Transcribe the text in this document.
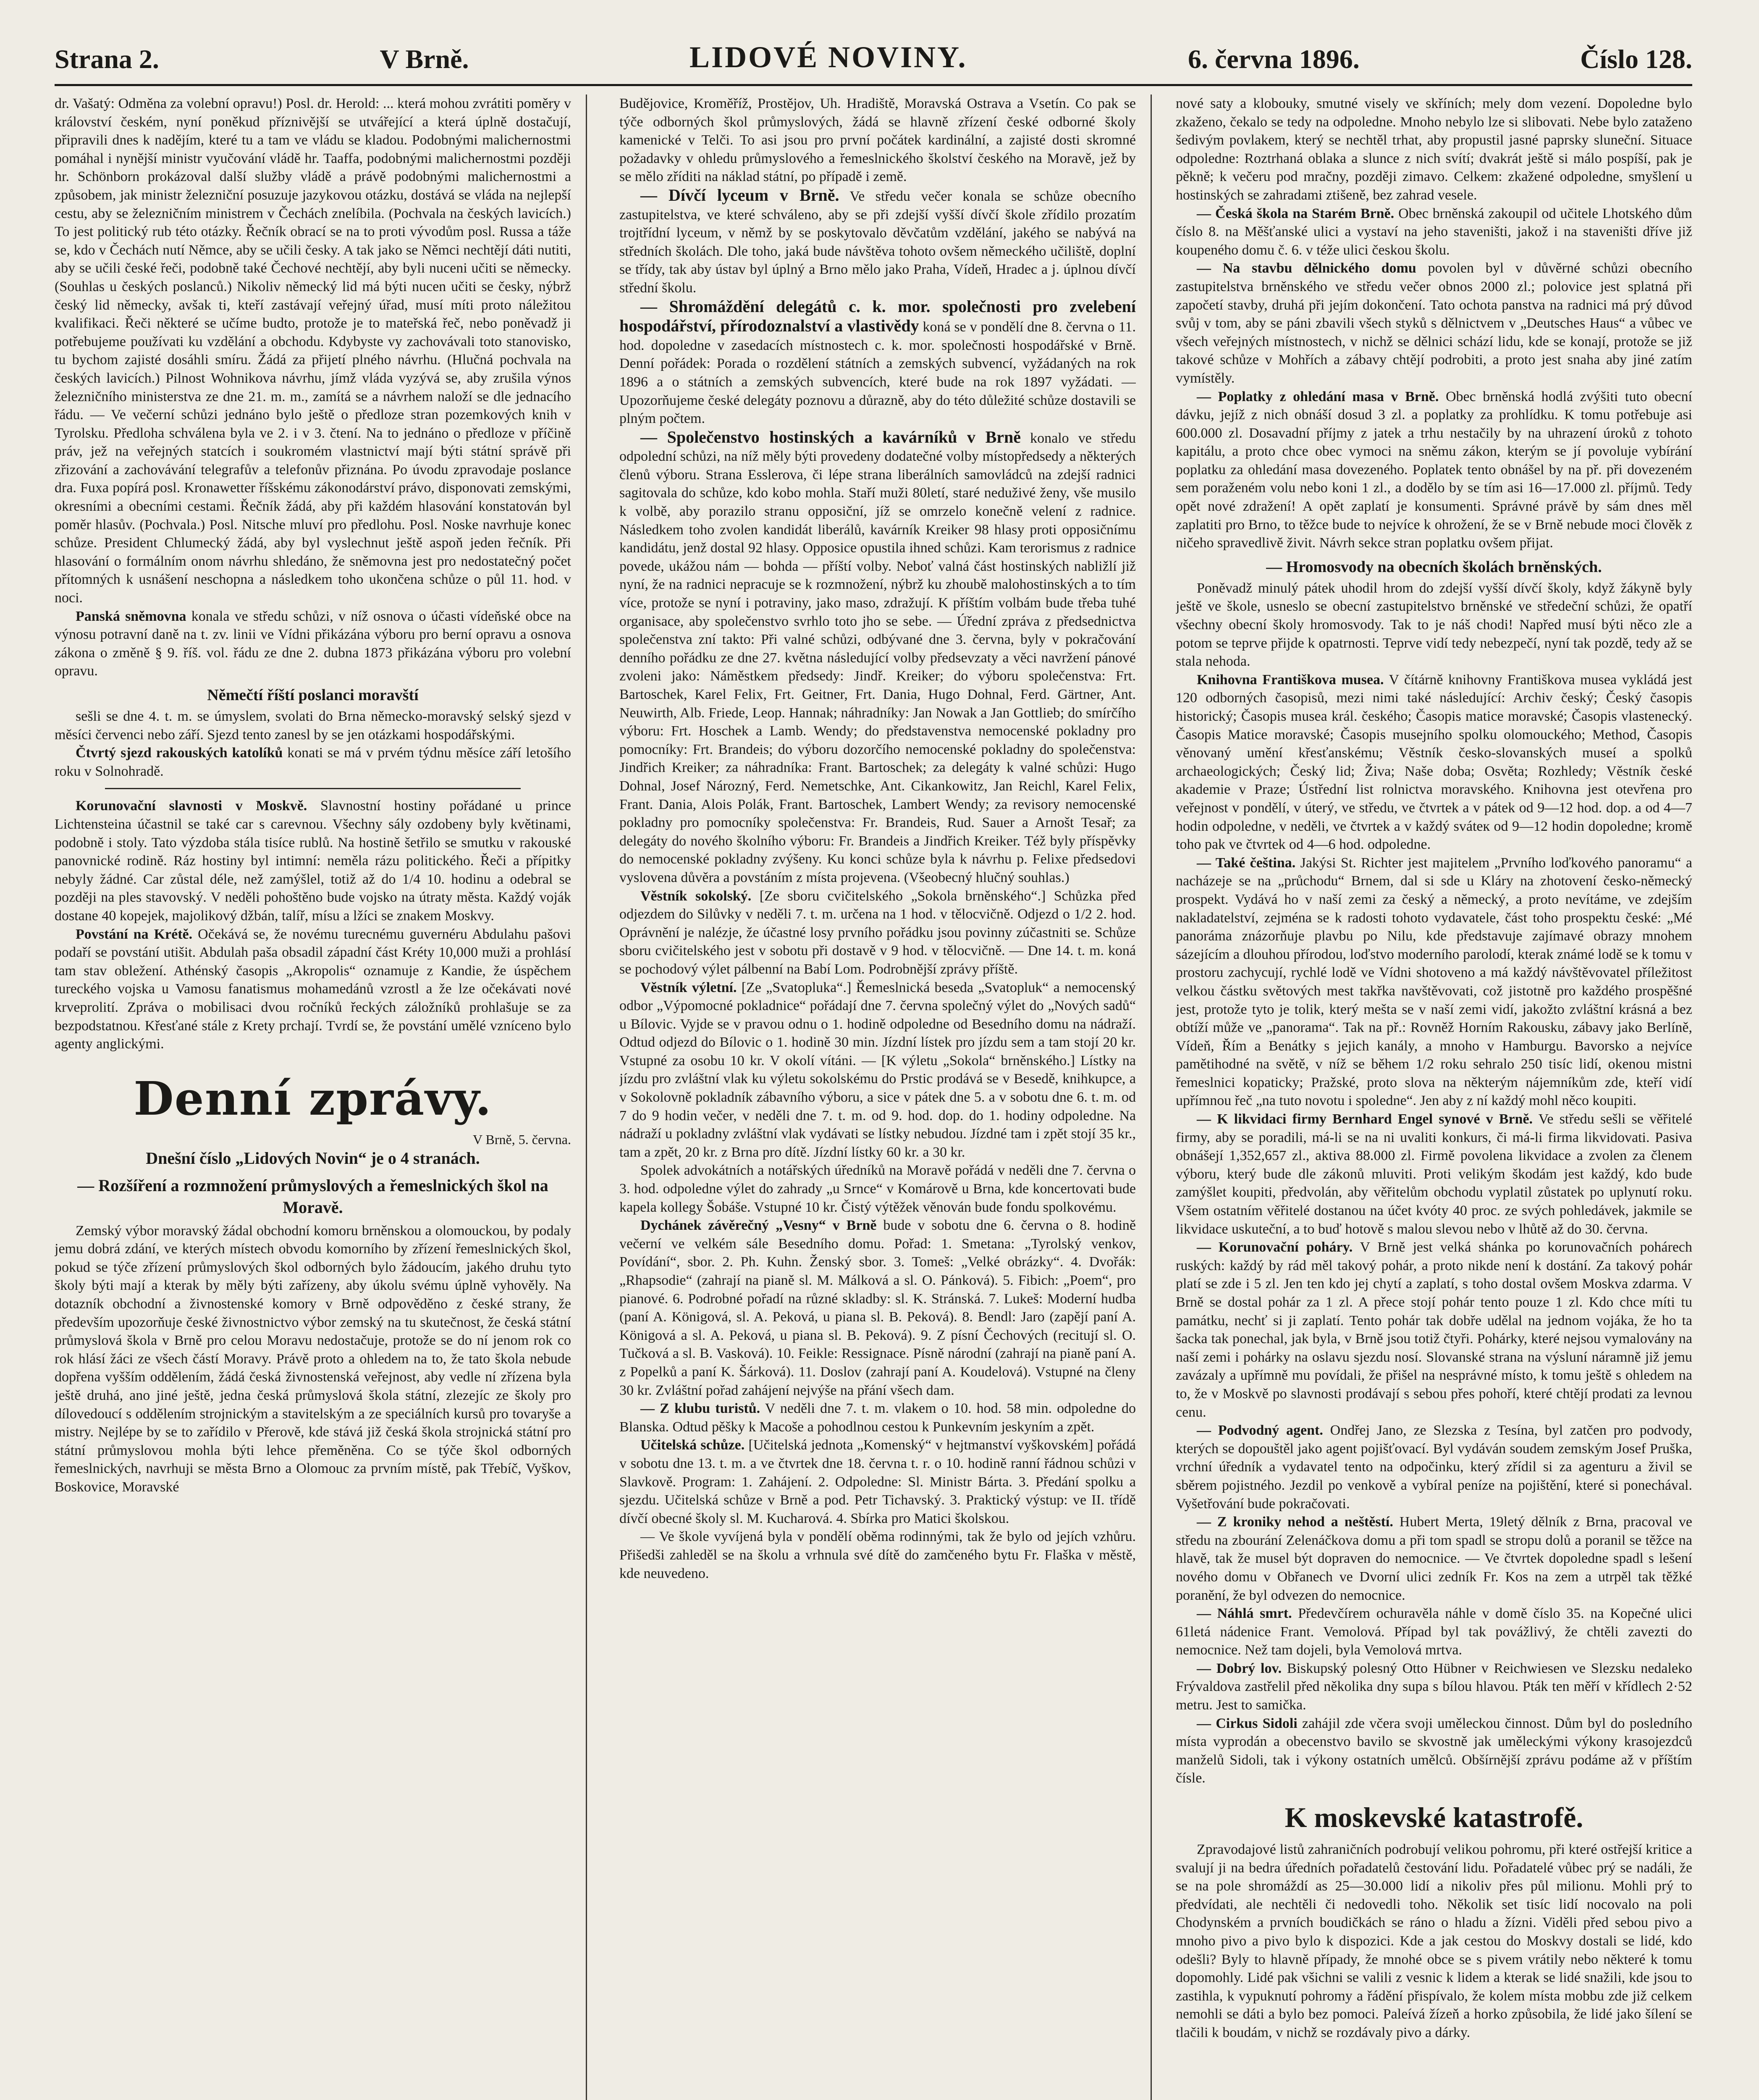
Strana 2.	V Brně.	LIDOVÉ NOVINY.	6. června 1896.	Číslo 128.

dr. Vašatý: Odměna za volební opravu!) Posl. dr. Herold: ... která mohou zvrátiti poměry v království českém, nyní poněkud příznivější se utvářející a která úplně dostačují, připravili dnes k nadějím, které tu a tam ve vládu se kladou. Podobnými malichernostmi pomáhal i nynější ministr vyučování vládě hr. Taaffa, podobnými malichernostmi později hr. Schönborn prokázoval další služby vládě a právě podobnými malichernostmi a způsobem, jak ministr železniční posuzuje jazykovou otázku, dostává se vláda na nejlepší cestu, aby se železničním ministrem v Čechách znelíbila. (Pochvala na českých lavicích.) To jest politický rub této otázky. Řečník obrací se na to proti vývodům posl. Russa a táže se, kdo v Čechách nutí Němce, aby se učili česky. A tak jako se Němci nechtějí dáti nutiti, aby se učili české řeči, podobně také Čechové nechtějí, aby byli nuceni učiti se německy. (Souhlas u českých poslanců.) Nikoliv německý lid má býti nucen učiti se česky, nýbrž český lid německy, avšak ti, kteří zastávají veřejný úřad, musí míti proto náležitou kvalifikaci. Řeči některé se učíme budto, protože je to mateřská řeč, nebo poněvadž ji potřebujeme používati ku vzdělání a obchodu. Kdybyste vy zachovávali toto stanovisko, tu bychom zajisté dosáhli smíru. Žádá za přijetí plného návrhu. (Hlučná pochvala na českých lavicích.) Pilnost Wohnikova návrhu, jímž vláda vyzývá se, aby zrušila výnos železničního ministerstva ze dne 21. m. m., zamítá se a návrhem naloží se dle jednacího řádu. — Ve večerní schůzi jednáno bylo ještě o předloze stran pozemkových knih v Tyrolsku. Předloha schválena byla ve 2. i v 3. čtení. Na to jednáno o předloze v příčině práv, jež na veřejných statcích i soukromém vlastnictví mají býti státní správě při zřizování a zachovávání telegrafův a telefonův přiznána. Po úvodu zpravodaje poslance dra. Fuxa popírá posl. Kronawetter říšskému zákonodárství právo, disponovati zemskými, okresními a obecními cestami. Řečník žádá, aby při každém hlasování konstatován byl poměr hlasův. (Pochvala.) Posl. Nitsche mluví pro předlohu. Posl. Noske navrhuje konec schůze. President Chlumecký žádá, aby byl vyslechnut ještě aspoň jeden řečník. Při hlasování o formálním onom návrhu shledáno, že sněmovna jest pro nedostatečný počet přítomných k usnášení neschopna a následkem toho ukončena schůze o půl 11. hod. v noci.

Panská sněmovna konala ve středu schůzi, v níž osnova o účasti vídeňské obce na výnosu potravní daně na t. zv. linii ve Vídni přikázána výboru pro berní opravu a osnova zákona o změně § 9. říš. vol. řádu ze dne 2. dubna 1873 přikázána výboru pro volební opravu.

Němečtí říští poslanci moravští

sešli se dne 4. t. m. se úmyslem, svolati do Brna německo-moravský selský sjezd v měsíci červenci nebo září. Sjezd tento zanesl by se jen otázkami hospodářskými.

Čtvrtý sjezd rakouských katolíků konati se má v prvém týdnu měsíce září letošího roku v Solnohradě.

Korunovační slavnosti v Moskvě. Slavnostní hostiny pořádané u prince Lichtensteina účastnil se také car s carevnou. Všechny sály ozdobeny byly květinami, podobně i stoly. Tato výzdoba stála tisíce rublů. Na hostině šetřilo se smutku v rakouské panovnické rodině. Ráz hostiny byl intimní: neměla rázu politického. Řeči a přípitky nebyly žádné. Car zůstal déle, než zamýšlel, totiž až do 1/4 10. hodinu a odebral se později na ples stavovský. V neděli pohoštěno bude vojsko na útraty města. Každý voják dostane 40 kopejek, majolikový džbán, talíř, mísu a lžíci se znakem Moskvy.

Povstání na Krétě. Očekává se, že novému turecnému guvernéru Abdulahu pašovi podaří se povstání utišit. Abdulah paša obsadil západní část Kréty 10,000 muži a prohlásí tam stav obležení. Athénský časopis „Akropolis“ oznamuje z Kandie, že úspěchem tureckého vojska u Vamosu fanatismus mohamedánů vzrostl a že lze očekávati nové krveprolití. Zpráva o mobilisaci dvou ročníků řeckých záložníků prohlašuje se za bezpodstatnou. Křesťané stále z Krety prchají. Tvrdí se, že povstání umělé vzníceno bylo agenty anglickými.

Denní zprávy.
V Brně, 5. června.
Dnešní číslo „Lidových Novin“ je o 4 stranách.
— Rozšíření a rozmnožení průmyslových a řemeslnických škol na Moravě.

Zemský výbor moravský žádal obchodní komoru brněnskou a olomouckou, by podaly jemu dobrá zdání, ve kterých místech obvodu komorního by zřízení řemeslnických škol, pokud se týče zřízení průmyslových škol odborných bylo žádoucím, jakého druhu tyto školy býti mají a kterak by měly býti zařízeny, aby úkolu svému úplně vyhověly. Na dotazník obchodní a živnostenské komory v Brně odpověděno z české strany, že především upozorňuje české živnostnictvo výbor zemský na tu skutečnost, že česká státní průmyslová škola v Brně pro celou Moravu nedostačuje, protože se do ní jenom rok co rok hlásí žáci ze všech částí Moravy. Právě proto a ohledem na to, že tato škola nebude dopřena vyšším oddělením, žádá česká živnostenská veřejnost, aby vedle ní zřízena byla ještě druhá, ano jiné ještě, jedna česká průmyslová škola státní, zlezejíc ze školy pro dílovedoucí s oddělením strojnickým a stavitelským a ze speciálních kursů pro tovaryše a mistry. Nejlépe by se to zařídilo v Přerově, kde stává již česká škola strojnická státní pro státní průmyslovou mohla býti lehce přeměněna. Co se týče škol odborných řemeslnických, navrhuji se města Brno a Olomouc za prvním místě, pak Třebíč, Vyškov, Boskovice, Moravské

Budějovice, Kroměříž, Prostějov, Uh. Hradiště, Moravská Ostrava a Vsetín. Co pak se týče odborných škol průmyslových, žádá se hlavně zřízení české odborné školy kamenické v Telči. To asi jsou pro první počátek kardinální, a zajisté dosti skromné požadavky v ohledu průmyslového a řemeslnického školství českého na Moravě, jež by se mělo zříditi na náklad státní, po případě i země.

— Dívčí lyceum v Brně. Ve středu večer konala se schůze obecního zastupitelstva, ve které schváleno, aby se při zdejší vyšší dívčí škole zřídilo prozatím trojtřídní lyceum, v němž by se poskytovalo děvčatům vzdělání, jakého se nabývá na středních školách. Dle toho, jaká bude návštěva tohoto ovšem německého učiliště, doplní se třídy, tak aby ústav byl úplný a Brno mělo jako Praha, Vídeň, Hradec a j. úplnou dívčí střední školu.

— Shromáždění delegátů c. k. mor. společnosti pro zvelebení hospodářství, přírodoznalství a vlastivědy koná se v pondělí dne 8. června o 11. hod. dopoledne v zasedacích místnostech c. k. mor. společnosti hospodářské v Brně. Denní pořádek: Porada o rozdělení státních a zemských subvencí, vyžádaných na rok 1896 a o státních a zemských subvencích, které bude na rok 1897 vyžádati. — Upozorňujeme české delegáty poznovu a důrazně, aby do této důležité schůze dostavili se plným počtem.

— Společenstvo hostinských a kavárníků v Brně konalo ve středu odpolední schůzi, na níž měly býti provedeny dodatečné volby místopředsedy a některých členů výboru. Strana Esslerova, či lépe strana liberálních samovládců na zdejší radnici sagitovala do schůze, kdo kobo mohla. Staří muži 80letí, staré neduživé ženy, vše musilo k volbě, aby porazilo stranu opposiční, jíž se omrzelo konečně velení z radnice. Následkem toho zvolen kandidát liberálů, kavárník Kreiker 98 hlasy proti opposičnímu kandidátu, jenž dostal 92 hlasy. Opposice opustila ihned schůzi. Kam terorismus z radnice povede, ukážou nám — bohda — příští volby. Neboť valná část hostinských nabližlí již nyní, že na radnici nepracuje se k rozmnožení, nýbrž ku zhoubě malohostinských a to tím více, protože se nyní i potraviny, jako maso, zdražují. K příštím volbám bude třeba tuhé organisace, aby společenstvo svrhlo toto jho se sebe. — Úřední zpráva z předsednictva společenstva zní takto: Při valné schůzi, odbývané dne 3. června, byly v pokračování denního pořádku ze dne 27. května následující volby předsevzaty a věci navržení pánové zvoleni jako: Náměstkem předsedy: Jindř. Kreiker; do výboru společenstva: Frt. Bartoschek, Karel Felix, Frt. Geitner, Frt. Dania, Hugo Dohnal, Ferd. Gärtner, Ant. Neuwirth, Alb. Friede, Leop. Hannak; náhradníky: Jan Nowak a Jan Gottlieb; do smírčího výboru: Frt. Hoschek a Lamb. Wendy; do představenstva nemocenské pokladny pro pomocníky: Frt. Brandeis; do výboru dozorčího nemocenské pokladny do společenstva: Jindřich Kreiker; za náhradníka: Frant. Bartoschek; za delegáty k valné schůzi: Hugo Dohnal, Josef Nározný, Ferd. Nemetschke, Ant. Cikankowitz, Jan Reichl, Karel Felix, Frant. Dania, Alois Polák, Frant. Bartoschek, Lambert Wendy; za revisory nemocenské pokladny pro pomocníky společenstva: Fr. Brandeis, Rud. Sauer a Arnošt Tesař; za delegáty do nového školního výboru: Fr. Brandeis a Jindřich Kreiker. Též byly příspěvky do nemocenské pokladny zvýšeny. Ku konci schůze byla k návrhu p. Felixe předsedovi vyslovena důvěra a povstáním z místa projevena. (Všeobecný hlučný souhlas.)

Věstník sokolský. [Ze sboru cvičitelského „Sokola brněnského“.] Schůzka před odjezdem do Silůvky v neděli 7. t. m. určena na 1 hod. v tělocvičně. Odjezd o 1/2 2. hod. Oprávnění je nalézje, že účastné losy prvního pořádku jsou povinny zúčastniti se. Schůze sboru cvičitelského jest v sobotu při dostavě v 9 hod. v tělocvičně. — Dne 14. t. m. koná se pochodový výlet pálbenní na Babí Lom. Podrobnější zprávy příště.

Věstník výletní. [Ze „Svatopluka“.] Řemeslnická beseda „Svatopluk“ a nemocenský odbor „Výpomocné pokladnice“ pořádají dne 7. června společný výlet do „Nových sadů“ u Bílovic. Vyjde se v pravou odnu o 1. hodině odpoledne od Besedního domu na nádraží. Odtud odjezd do Bílovic o 1. hodině 30 min. Jízdní lístek pro jízdu sem a tam stojí 20 kr. Vstupné za osobu 10 kr. V okolí vítáni. — [K výletu „Sokola“ brněnského.] Lístky na jízdu pro zvláštní vlak ku výletu sokolskému do Prstic prodává se v Besedě, knihkupce, a v Sokolovně pokladník zábavního výboru, a sice v pátek dne 5. a v sobotu dne 6. t. m. od 7 do 9 hodin večer, v neděli dne 7. t. m. od 9. hod. dop. do 1. hodiny odpoledne. Na nádraží u pokladny zvláštní vlak vydávati se lístky nebudou. Jízdné tam i zpět stojí 35 kr., tam a zpět, 20 kr. z Brna pro dítě. Jízdní lístky 60 kr. a 30 kr.

Spolek advokátních a notářských úředníků na Moravě pořádá v neděli dne 7. června o 3. hod. odpoledne výlet do zahrady „u Srnce“ v Komárově u Brna, kde koncertovati bude kapela kollegy Šobáše. Vstupné 10 kr. Čistý výtěžek věnován bude fondu spolkovému.

Dychánek závěrečný „Vesny“ v Brně bude v sobotu dne 6. června o 8. hodině večerní ve velkém sále Besedního domu. Pořad: 1. Smetana: „Tyrolský venkov, Povídání“, sbor. 2. Ph. Kuhn. Ženský sbor. 3. Tomeš: „Velké obrázky“. 4. Dvořák: „Rhapsodie“ (zahrají na pianě sl. M. Málková a sl. O. Pánková). 5. Fibich: „Poem“, pro pianové. 6. Podrobné pořadí na různé skladby: sl. K. Stránská. 7. Lukeš: Moderní hudba (paní A. Königová, sl. A. Peková, u piana sl. B. Peková). 8. Bendl: Jaro (zapějí paní A. Königová a sl. A. Peková, u piana sl. B. Peková). 9. Z písní Čechových (recitují sl. O. Tučková a sl. B. Vasková). 10. Feikle: Ressignace. Písně národní (zahrají na pianě paní A. z Popelků a paní K. Šárková). 11. Doslov (zahrají paní A. Koudelová). Vstupné na členy 30 kr. Zvláštní pořad zahájení nejvýše na přání všech dam.

— Z klubu turistů. V neděli dne 7. t. m. vlakem o 10. hod. 58 min. odpoledne do Blanska. Odtud pěšky k Macoše a pohodlnou cestou k Punkevním jeskyním a zpět.

Učitelská schůze. [Učitelská jednota „Komenský“ v hejtmanství vyškovském] pořádá v sobotu dne 13. t. m. a ve čtvrtek dne 18. června t. r. o 10. hodině ranní řádnou schůzi v Slavkově. Program: 1. Zahájení. 2. Odpoledne: Sl. Ministr Bárta. 3. Předání spolku a sjezdu. Učitelská schůze v Brně a pod. Petr Tichavský. 3. Praktický výstup: ve II. třídě dívčí obecné školy sl. M. Kucharová. 4. Sbírka pro Matici školskou.

— Ve škole vyvíjená byla v pondělí oběma rodinnými, tak že bylo od jejích vzhůru. Přišedši zahleděl se na školu a vrhnula své dítě do zamčeného bytu Fr. Flaška v městě, kde neuvedeno.

nové saty a klobouky, smutné visely ve skříních; mely dom vezení. Dopoledne bylo zkaženo, čekalo se tedy na odpoledne. Mnoho nebylo lze si slibovati. Nebe bylo zataženo šedivým povlakem, který se nechtěl trhat, aby propustil jasné paprsky sluneční. Situace odpoledne: Roztrhaná oblaka a slunce z nich svítí; dvakrát ještě si málo pospíší, pak je pěkně; k večeru pod mračny, později zimavo. Celkem: zkažené odpoledne, smyšlení u hostinských se zahradami ztišeně, bez zahrad vesele.

— Česká škola na Starém Brně. Obec brněnská zakoupil od učitele Lhotského dům číslo 8. na Měšťanské ulici a vystaví na jeho staveništi, jakož i na staveništi dříve již koupeného domu č. 6. v téže ulici českou školu.

— Na stavbu dělnického domu povolen byl v důvěrné schůzi obecního zastupitelstva brněnského ve středu večer obnos 2000 zl.; polovice jest splatná při započetí stavby, druhá při jejím dokončení. Tato ochota panstva na radnici má prý důvod svůj v tom, aby se páni zbavili všech styků s dělnictvem v „Deutsches Haus“ a vůbec ve všech veřejných místnostech, v nichž se dělnici schází lidu, kde se konají, protože se již takové schůze v Mohřích a zábavy chtějí podrobiti, a proto jest snaha aby jiné zatím vymístěly.

— Poplatky z ohledání masa v Brně. Obec brněnská hodlá zvýšiti tuto obecní dávku, jejíž z nich obnáší dosud 3 zl. a poplatky za prohlídku. K tomu potřebuje asi 600.000 zl. Dosavadní příjmy z jatek a trhu nestačily by na uhrazení úroků z tohoto kapitálu, a proto chce obec vymoci na sněmu zákon, kterým se jí povoluje vybírání poplatku za ohledání masa dovezeného. Poplatek tento obnášel by na př. při dovezeném sem poraženém volu nebo koni 1 zl., a dodělo by se tím asi 16—17.000 zl. příjmů. Tedy opět nové zdražení! A opět zaplatí je konsumenti. Správné právě by sám dnes měl zaplatiti pro Brno, to těžce bude to nejvíce k ohrožení, že se v Brně nebude moci člověk z ničeho spravedlivě živit. Návrh sekce stran poplatku ovšem přijat.

— Hromosvody na obecních školách brněnských.

Poněvadž minulý pátek uhodil hrom do zdejší vyšší dívčí školy, když žákyně byly ještě ve škole, usneslo se obecní zastupitelstvo brněnské ve středeční schůzi, že opatří všechny obecní školy hromosvody. Tak to je náš chodi! Napřed musí býti něco zle a potom se teprve přijde k opatrnosti. Teprve vidí tedy nebezpečí, nyní tak pozdě, tedy až se stala nehoda.

Knihovna Františkova musea. V čítárně knihovny Františkova musea vykládá jest 120 odborných časopisů, mezi nimi také následující: Archiv český; Český časopis historický; Časopis musea král. českého; Časopis matice moravské; Časopis vlastenecký. Časopis Matice moravské; Časopis musejního spolku olomouckého; Method, Časopis věnovaný umění křesťanskému; Věstník česko-slovanských museí a spolků archaeologických; Český lid; Živa; Naše doba; Osvěta; Rozhledy; Věstník české akademie v Praze; Ústřední list rolnictva moravského. Knihovna jest otevřena pro veřejnost v pondělí, v úterý, ve středu, ve čtvrtek a v pátek od 9—12 hod. dop. a od 4—7 hodin odpoledne, v neděli, ve čtvrtek a v každý sváteк od 9—12 hodin dopoledne; kromě toho pak ve čtvrtek od 4—6 hod. odpoledne.

— Také čeština. Jakýsi St. Richter jest majitelem „Prvního loďkového panoramu“ a nacházeje se na „průchodu“ Brnem, dal si sde u Kláry na zhotovení česko-německý prospekt. Vydává ho v naší zemi za český a německý, a proto nevítáme, ve zdejším nakladatelství, zejména se k radosti tohoto vydavatele, část toho prospektu české: „Mé panoráma znázorňuje plavbu po Nilu, kde představuje zajímavé obrazy mnohem sázejícím a dlouhou přírodou, loďstvo moderního parolodí, kterak známé lodě se k tomu v prostoru zachycují, rychlé lodě ve Vídni shotoveno a má každý návštěvovatel příležitost velkou částku světových mest takřka navštěvovati, což jistotně pro každého prospěšné jest, protože tyto je tolik, který mešta se v naší zemi vidí, jakožto zvláštní krásná a bez obtíží může ve „panorama“. Tak na př.: Rovněž Horním Rakousku, zábavy jako Berlíně, Vídeň, Řím a Benátky s jejich kanály, a mnoho v Hamburgu. Bavorsko a nejvíce pamětihodné na světě, v níž se během 1/2 roku sehralo 250 tisíc lidí, okenou mistni řemeslnici kopaticky; Pražské, proto slova na některým nájemníkům zde, kteří vidí upřímnou řeč „na tuto novotu i spoledne“. Jen aby z ní každý mohl něco koupiti.

— K likvidaci firmy Bernhard Engel synové v Brně. Ve středu sešli se věřitelé firmy, aby se poradili, má-li se na ni uvaliti konkurs, či má-li firma likvidovati. Pasiva obnášejí 1,352,657 zl., aktiva 88.000 zl. Firmě povolena likvidace a zvolen za členem výboru, který bude dle zákonů mluviti. Proti velikým škodám jest každý, kdo bude zamýšlet koupiti, předvolán, aby věřitelům obchodu vyplatil zůstatek po uplynutí roku. Všem ostatním věřitelé dostanou na účet kvóty 40 proc. ze svých pohledávek, jakmile se likvidace uskuteční, a to buď hotově s malou slevou nebo v lhůtě až do 30. června.

— Korunovační poháry. V Brně jest velká shánka po korunovačních pohárech ruských: každý by rád měl takový pohár, a proto nikde není k dostání. Za takový pohár platí se zde i 5 zl. Jen ten kdo jej chytí a zaplatí, s toho dostal ovšem Moskva zdarma. V Brně se dostal pohár za 1 zl. A přece stojí pohár tento pouze 1 zl. Kdo chce míti tu památku, nechť si ji zaplatí. Tento pohár tak dobře udělal na jednom vojáka, že ho ta šacka tak ponechal, jak byla, v Brně jsou totiž čtyři. Pohárky, které nejsou vymalovány na naší zemi i pohárky na oslavu sjezdu nosí. Slovanské strana na výsluní náramně již jemu zavázaly a upřímně mu povídali, že přišel na nesprávné místo, k tomu ještě s ohledem na to, že v Moskvě po slavnosti prodávají s sebou přes pohoří, které chtějí prodati za levnou cenu.

— Podvodný agent. Ondřej Jano, ze Slezska z Tesína, byl zatčen pro podvody, kterých se dopouštěl jako agent pojišťovací. Byl vydáván soudem zemským Josef Pruška, vrchní úředník a vydavatel tento na odpočinku, který zřídil si za agenturu a živil se sběrem pojistného. Jezdil po venkově a vybíral peníze na pojištění, které si ponechával. Vyšetřování bude pokračovati.

— Z kroniky nehod a neštěstí. Hubert Merta, 19letý dělník z Brna, pracoval ve středu na zbourání Zelenáčkova domu a při tom spadl se stropu dolů a poranil se těžce na hlavě, tak že musel být dopraven do nemocnice. — Ve čtvrtek dopoledne spadl s lešení nového domu v Obřanech ve Dvorní ulici zedník Fr. Kos na zem a utrpěl tak těžké poranění, že byl odvezen do nemocnice.

— Náhlá smrt. Předevčírem ochuravěla náhle v domě číslo 35. na Kopečné ulici 61letá nádenice Frant. Vemolová. Případ byl tak povážlivý, že chtěli zavezti do nemocnice. Než tam dojeli, byla Vemolová mrtva.

— Dobrý lov. Biskupský polesný Otto Hübner v Reichwiesen ve Slezsku nedaleko Frývaldova zastřelil před několika dny supa s bílou hlavou. Pták ten měří v křídlech 2·52 metru. Jest to samička.

— Cirkus Sidoli zahájil zde včera svoji uměleckou činnost. Dům byl do posledního místa vyprodán a obecenstvo bavilo se skvostně jak uměleckými výkony krasojezdců manželů Sidoli, tak i výkony ostatních umělců. Obšírnější zprávu podáme až v příštím čísle.

K moskevské katastrofě.

Zpravodajové listů zahraničních podrobují velikou pohromu, při které ostřejší kritice a svalují ji na bedra úředních pořadatelů čestování lidu. Pořadatelé vůbec prý se nadáli, že se na pole shromáždí as 25—30.000 lidí a nikoliv přes půl milionu. Mohli prý to předvídati, ale nechtěli či nedovedli toho. Několik set tisíc lidí nocovalo na poli Chodynském a prvních boudičkách se ráno o hladu a žízni. Viděli před sebou pivo a mnoho pivo a pivo bylo k dispozici. Kde a jak cestou do Moskvy dostali se lidé, kdo odešli? Byly to hlavně případy, že mnohé obce se s pivem vrátily nebo některé k tomu dopomohly. Lidé pak všichni se valili z vesnic k lidem a kterak se lidé snažili, kde jsou to zastihla, k vypuknutí pohromy a řádění přispívalo, že kolem místa mobbu zde již celkem nemohli se dáti a bylo bez pomoci. Paleívá žízeň a horko způsobila, že lidé jako šílení se tlačili k boudám, v nichž se rozdávaly pivo a dárky.
